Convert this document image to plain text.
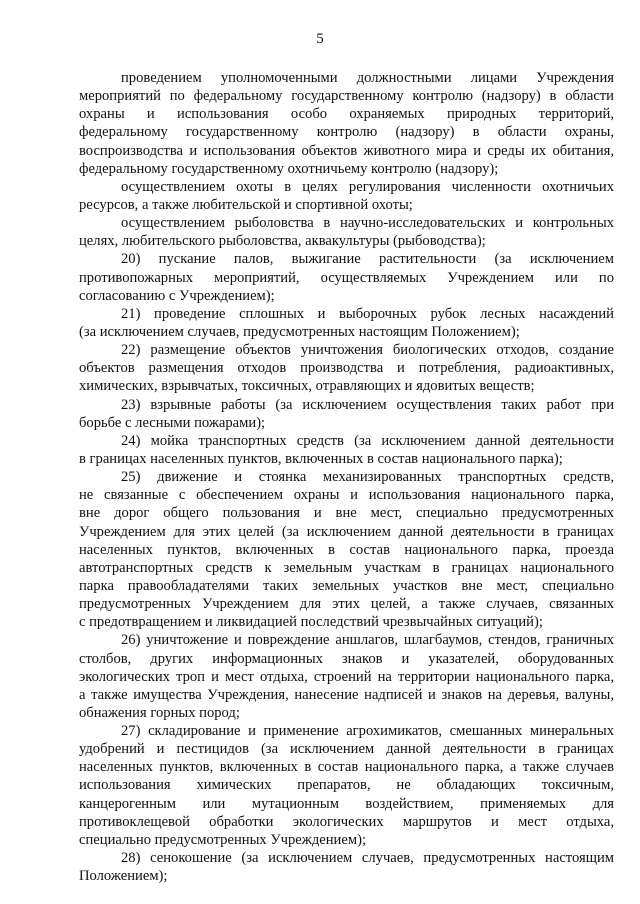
5
проведением уполномоченными должностными лицами Учреждения
мероприятий по федеральному государственному контролю (надзору) в области
охраны и использования особо охраняемых природных территорий,
федеральному государственному контролю (надзору) в области охраны,
воспроизводства и использования объектов животного мира и среды их обитания,
федеральному государственному охотничьему контролю (надзору);
осуществлением охоты в целях регулирования численности охотничьих
ресурсов, а также любительской и спортивной охоты;
осуществлением рыболовства в научно-исследовательских и контрольных
целях, любительского рыболовства, аквакультуры (рыбоводства);
20) пускание палов, выжигание растительности (за исключением
противопожарных мероприятий, осуществляемых Учреждением или по
согласованию с Учреждением);
21) проведение сплошных и выборочных рубок лесных насаждений
(за исключением случаев, предусмотренных настоящим Положением);
22) размещение объектов уничтожения биологических отходов, создание
объектов размещения отходов производства и потребления, радиоактивных,
химических, взрывчатых, токсичных, отравляющих и ядовитых веществ;
23) взрывные работы (за исключением осуществления таких работ при
борьбе с лесными пожарами);
24) мойка транспортных средств (за исключением данной деятельности
в границах населенных пунктов, включенных в состав национального парка);
25) движение и стоянка механизированных транспортных средств,
не связанные с обеспечением охраны и использования национального парка,
вне дорог общего пользования и вне мест, специально предусмотренных
Учреждением для этих целей (за исключением данной деятельности в границах
населенных пунктов, включенных в состав национального парка, проезда
автотранспортных средств к земельным участкам в границах национального
парка правообладателями таких земельных участков вне мест, специально
предусмотренных Учреждением для этих целей, а также случаев, связанных
с предотвращением и ликвидацией последствий чрезвычайных ситуаций);
26) уничтожение и повреждение аншлагов, шлагбаумов, стендов, граничных
столбов, других информационных знаков и указателей, оборудованных
экологических троп и мест отдыха, строений на территории национального парка,
а также имущества Учреждения, нанесение надписей и знаков на деревья, валуны,
обнажения горных пород;
27) складирование и применение агрохимикатов, смешанных минеральных
удобрений и пестицидов (за исключением данной деятельности в границах
населенных пунктов, включенных в состав национального парка, а также случаев
использования химических препаратов, не обладающих токсичным,
канцерогенным или мутационным воздействием, применяемых для
противоклещевой обработки экологических маршрутов и мест отдыха,
специально предусмотренных Учреждением);
28) сенокошение (за исключением случаев, предусмотренных настоящим
Положением);
